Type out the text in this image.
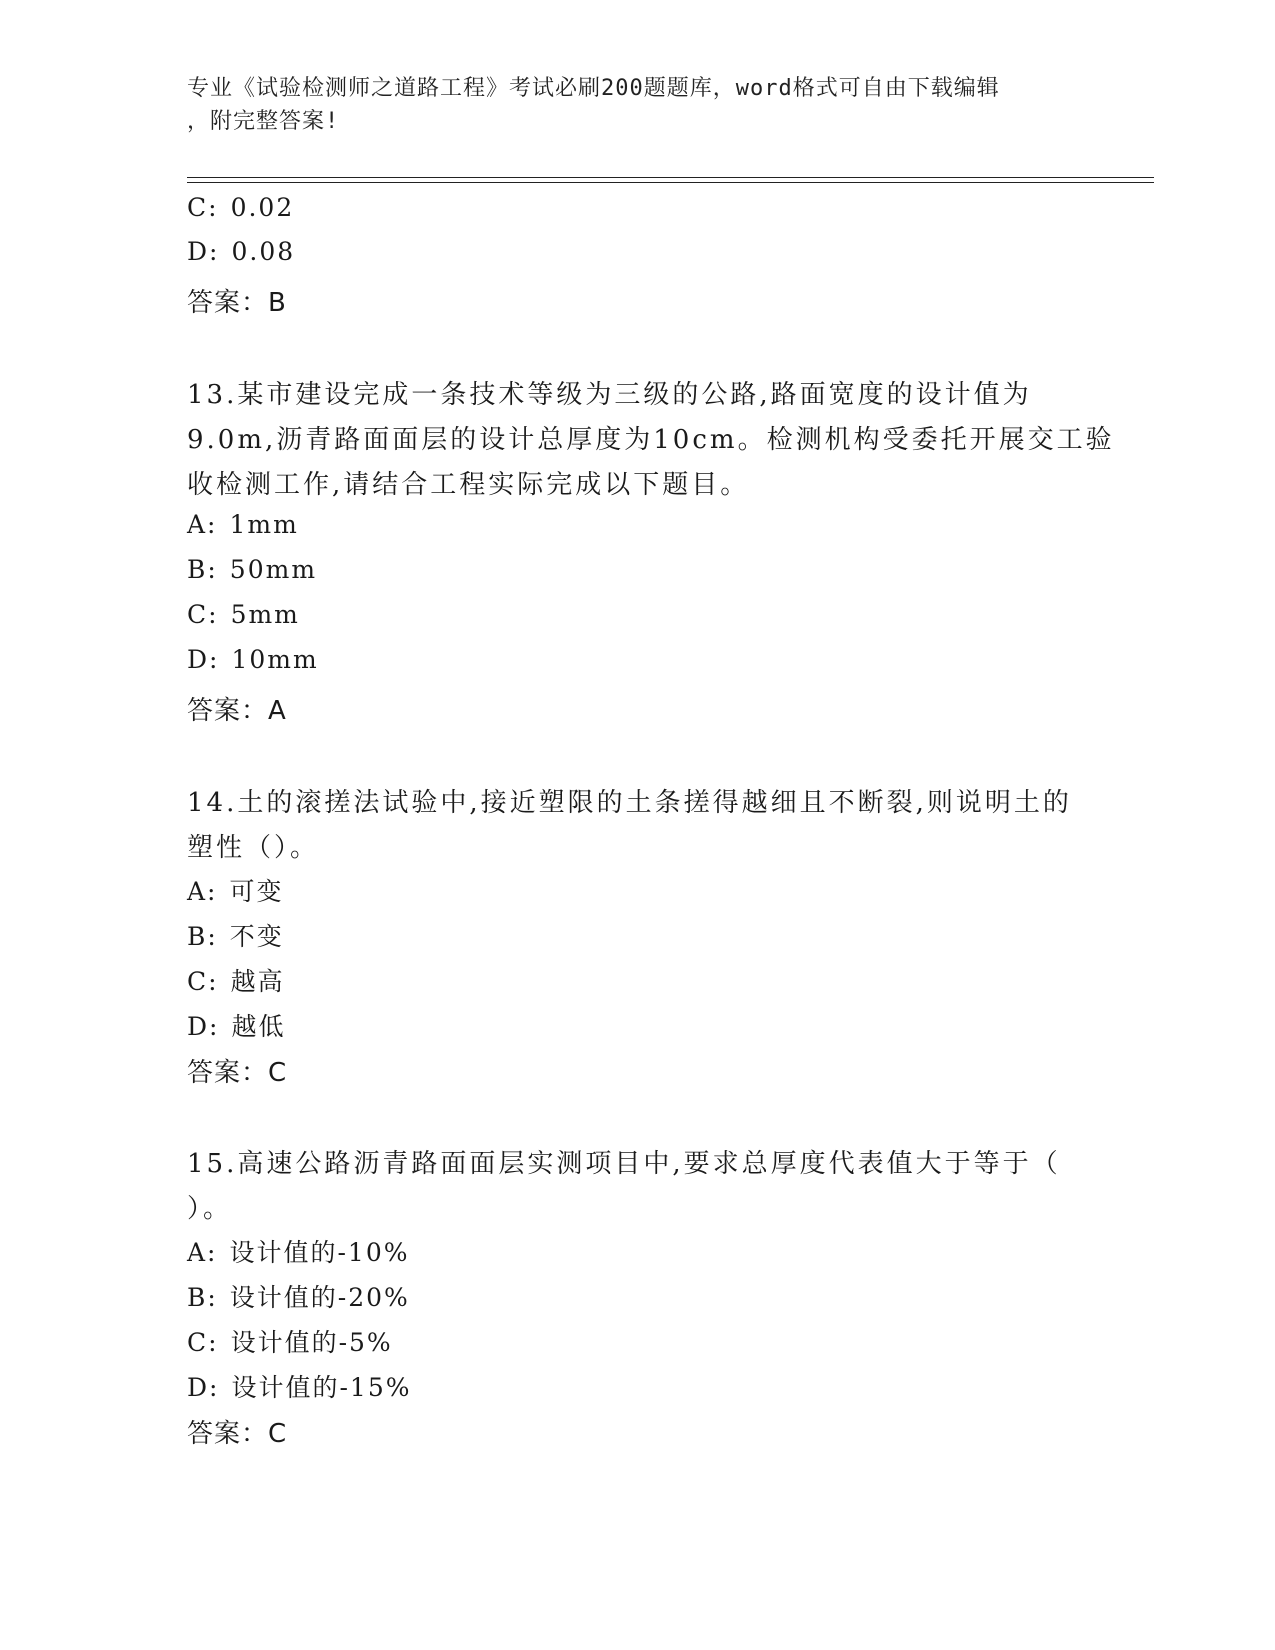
专业《试验检测师之道路工程》考试必刷200题题库，word格式可自由下载编辑
，附完整答案!
C: 0.02
D: 0.08
答案：B
13.某市建设完成一条技术等级为三级的公路,路面宽度的设计值为
9.0m,沥青路面面层的设计总厚度为10cm。检测机构受委托开展交工验
收检测工作,请结合工程实际完成以下题目。
A: 1mm
B: 50mm
C: 5mm
D: 10mm
答案：A
14.土的滚搓法试验中,接近塑限的土条搓得越细且不断裂,则说明土的
塑性（）。
A: 可变
B: 不变
C: 越高
D: 越低
答案：C
15.高速公路沥青路面面层实测项目中,要求总厚度代表值大于等于（
）。
A: 设计值的-10%
B: 设计值的-20%
C: 设计值的-5%
D: 设计值的-15%
答案：C
